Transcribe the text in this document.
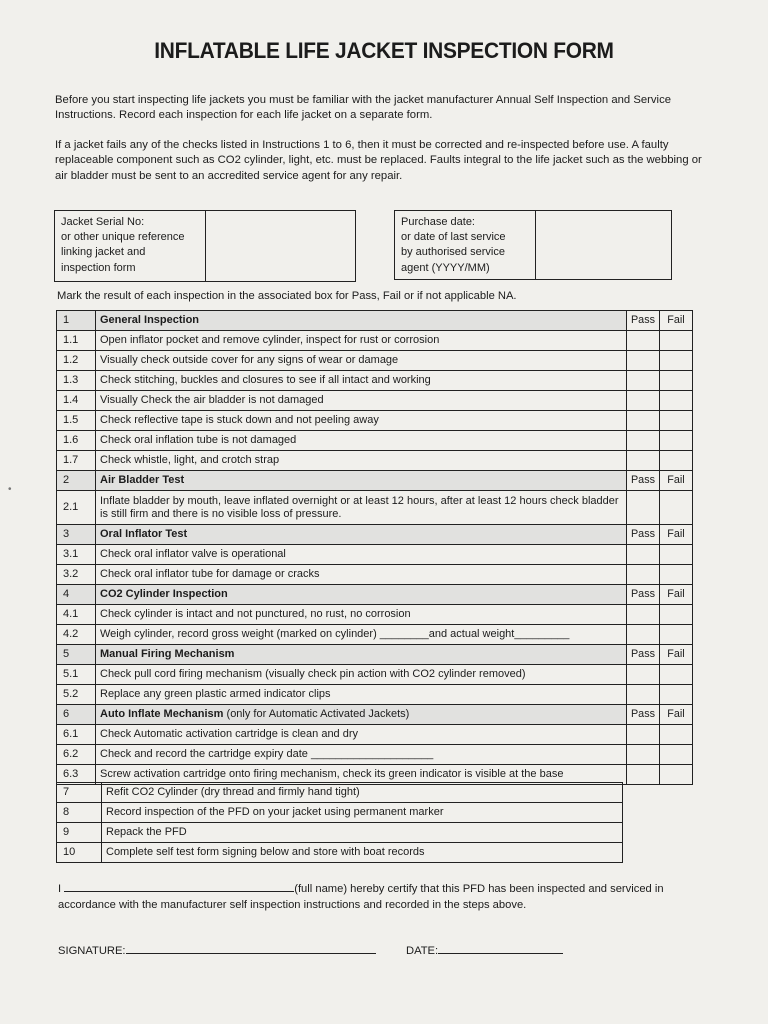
INFLATABLE LIFE JACKET INSPECTION FORM

Before you start inspecting life jackets you must be familiar with the jacket manufacturer Annual Self Inspection and Service Instructions. Record each inspection for each life jacket on a separate form.

If a jacket fails any of the checks listed in Instructions 1 to 6, then it must be corrected and re-inspected before use. A faulty replaceable component such as CO2 cylinder, light, etc. must be replaced. Faults integral to the life jacket such as the webbing or air bladder must be sent to an accredited service agent for any repair.

Jacket Serial No:
or other unique reference
linking jacket and
inspection form
Purchase date:
or date of last service
by authorised service
agent (YYYY/MM)
Mark the result of each inspection in the associated box for Pass, Fail or if not applicable NA.
1	General Inspection	Pass	Fail
1.1	Open inflator pocket and remove cylinder, inspect for rust or corrosion		
1.2	Visually check outside cover for any signs of wear or damage		
1.3	Check stitching, buckles and closures to see if all intact and working		
1.4	Visually Check the air bladder is not damaged		
1.5	Check reflective tape is stuck down and not peeling away		
1.6	Check oral inflation tube is not damaged		
1.7	Check whistle, light, and crotch strap		
2	Air Bladder Test	Pass	Fail
2.1	Inflate bladder by mouth, leave inflated overnight or at least 12 hours, after at least 12 hours check bladder is still firm and there is no visible loss of pressure.		
3	Oral Inflator Test	Pass	Fail
3.1	Check oral inflator valve is operational		
3.2	Check oral inflator tube for damage or cracks		
4	CO2 Cylinder Inspection	Pass	Fail
4.1	Check cylinder is intact and not punctured, no rust, no corrosion		
4.2	Weigh cylinder, record gross weight (marked on cylinder) ________and actual weight_________		
5	Manual Firing Mechanism	Pass	Fail
5.1	Check pull cord firing mechanism (visually check pin action with CO2 cylinder removed)		
5.2	Replace any green plastic armed indicator clips		
6	Auto Inflate Mechanism (only for Automatic Activated Jackets)	Pass	Fail
6.1	Check Automatic activation cartridge is clean and dry		
6.2	Check and record the cartridge expiry date ____________________		
6.3	Screw activation cartridge onto firing mechanism, check its green indicator is visible at the base		
7	Refit CO2 Cylinder (dry thread and firmly hand tight)
8	Record inspection of the PFD on your jacket using permanent marker
9	Repack the PFD
10	Complete self test form signing below and store with boat records
I	(full name) hereby certify that this PFD has been inspected and serviced in accordance with the manufacturer self inspection instructions and recorded in the steps above.
SIGNATURE:	DATE:
•
